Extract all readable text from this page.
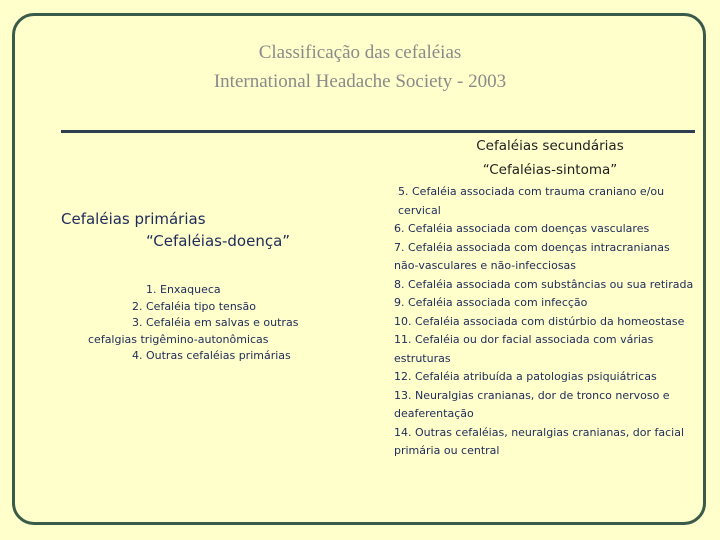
Classificação das cefaléias
International Headache Society - 2003
Cefaléias secundárias
“Cefaléias-sintoma”
Cefaléias primárias
“Cefaléias-doença”
1. Enxaqueca
2. Cefaléia tipo tensão
3. Cefaléia em salvas e outras
cefalgias trigêmino-autonômicas
4. Outras cefaléias primárias
5. Cefaléia associada com trauma craniano e/ou cervical
6. Cefaléia associada com doenças vasculares
7. Cefaléia associada com doenças intracranianas não-vasculares e não-infecciosas
8. Cefaléia associada com substâncias ou sua retirada
9. Cefaléia associada com infecção
10. Cefaléia associada com distúrbio da homeostase
11. Cefaléia ou dor facial associada com várias estruturas
12. Cefaléia atribuída a patologias psiquiátricas
13. Neuralgias cranianas, dor de tronco nervoso e deaferentação
14. Outras cefaléias, neuralgias cranianas, dor facial primária ou central
